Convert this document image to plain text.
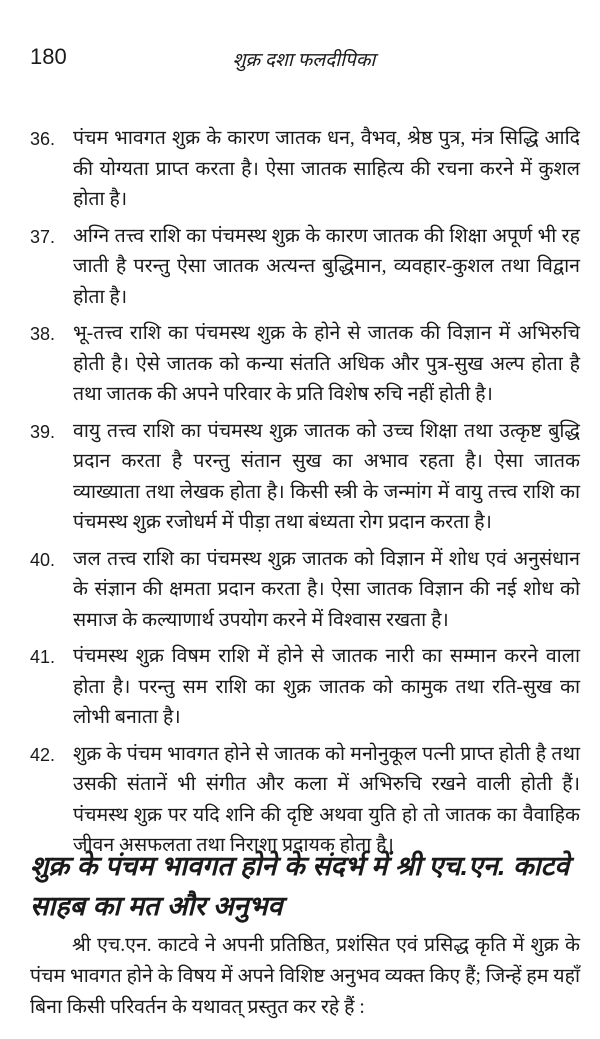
180	शुक्र दशा फलदीपिका
36. पंचम भावगत शुक्र के कारण जातक धन, वैभव, श्रेष्ठ पुत्र, मंत्र सिद्धि आदि की योग्यता प्राप्त करता है। ऐसा जातक साहित्य की रचना करने में कुशल होता है।
37. अग्नि तत्त्व राशि का पंचमस्थ शुक्र के कारण जातक की शिक्षा अपूर्ण भी रह जाती है परन्तु ऐसा जातक अत्यन्त बुद्धिमान, व्यवहार-कुशल तथा विद्वान होता है।
38. भू-तत्त्व राशि का पंचमस्थ शुक्र के होने से जातक की विज्ञान में अभिरुचि होती है। ऐसे जातक को कन्या संतति अधिक और पुत्र-सुख अल्प होता है तथा जातक की अपने परिवार के प्रति विशेष रुचि नहीं होती है।
39. वायु तत्त्व राशि का पंचमस्थ शुक्र जातक को उच्च शिक्षा तथा उत्कृष्ट बुद्धि प्रदान करता है परन्तु संतान सुख का अभाव रहता है। ऐसा जातक व्याख्याता तथा लेखक होता है। किसी स्त्री के जन्मांग में वायु तत्त्व राशि का पंचमस्थ शुक्र रजोधर्म में पीड़ा तथा बंध्यता रोग प्रदान करता है।
40. जल तत्त्व राशि का पंचमस्थ शुक्र जातक को विज्ञान में शोध एवं अनुसंधान के संज्ञान की क्षमता प्रदान करता है। ऐसा जातक विज्ञान की नई शोध को समाज के कल्याणार्थ उपयोग करने में विश्वास रखता है।
41. पंचमस्थ शुक्र विषम राशि में होने से जातक नारी का सम्मान करने वाला होता है। परन्तु सम राशि का शुक्र जातक को कामुक तथा रति-सुख का लोभी बनाता है।
42. शुक्र के पंचम भावगत होने से जातक को मनोनुकूल पत्नी प्राप्त होती है तथा उसकी संतानें भी संगीत और कला में अभिरुचि रखने वाली होती हैं। पंचमस्थ शुक्र पर यदि शनि की दृष्टि अथवा युति हो तो जातक का वैवाहिक जीवन असफलता तथा निराशा प्रदायक होता है।
शुक्र के पंचम भावगत होने के संदर्भ में श्री एच.एन. काटवे साहब का मत और अनुभव

श्री एच.एन. काटवे ने अपनी प्रतिष्ठित, प्रशंसित एवं प्रसिद्ध कृति में शुक्र के पंचम भावगत होने के विषय में अपने विशिष्ट अनुभव व्यक्त किए हैं; जिन्हें हम यहाँ बिना किसी परिवर्तन के यथावत् प्रस्तुत कर रहे हैं :
